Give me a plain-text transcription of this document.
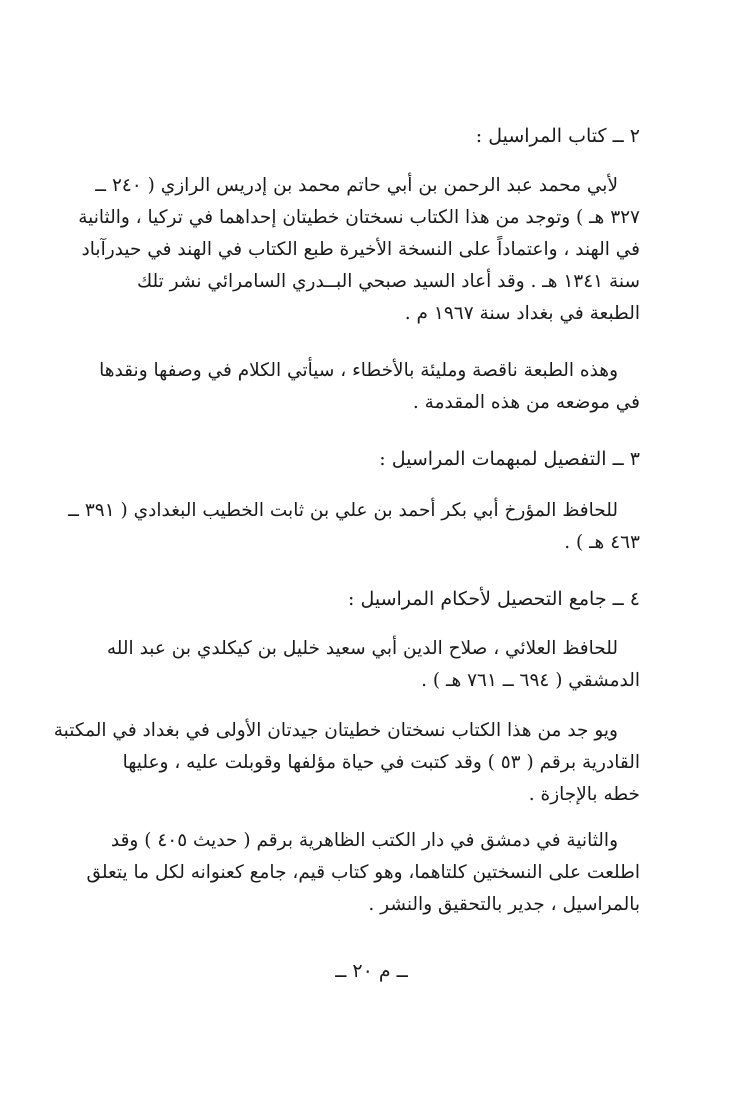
٢ ــ كتاب المراسيل :
لأبي محمد عبد الرحمن بن أبي حاتم محمد بن إدريس الرازي ( ٢٤٠ ــ
٣٢٧ هـ ) وتوجد من هذا الكتاب نسختان خطيتان إحداهما في تركيا ، والثانية
في الهند ، واعتماداً على النسخة الأخيرة طبع الكتاب في الهند في حيدرآباد
سنة ١٣٤١ هـ . وقد أعاد السيد صبحي البــدري السامرائي نشر تلك
الطبعة في بغداد سنة ١٩٦٧ م .
وهذه الطبعة ناقصة ومليئة بالأخطاء ، سيأتي الكلام في وصفها ونقدها
في موضعه من هذه المقدمة .
٣ ــ التفصيل لمبهمات المراسيل :
للحافظ المؤرخ أبي بكر أحمد بن علي بن ثابت الخطيب البغدادي ( ٣٩١ ــ
٤٦٣ هـ ) .
٤ ــ جامع التحصيل لأحكام المراسيل :
للحافظ العلائي ، صلاح الدين أبي سعيد خليل بن كيكلدي بن عبد الله
الدمشقي ( ٦٩٤ ــ ٧٦١ هـ ) .
ويو جد من هذا الكتاب نسختان خطيتان جيدتان الأولى في بغداد في المكتبة
القادرية برقم ( ٥٣ ) وقد كتبت في حياة مؤلفها وقوبلت عليه ، وعليها
خطه بالإجازة .
والثانية في دمشق في دار الكتب الظاهرية برقم ( حديث ٤٠٥ ) وقد
اطلعت على النسختين كلتاهما، وهو كتاب قيم، جامع كعنوانه لكل ما يتعلق
بالمراسيل ، جدير بالتحقيق والنشر .
ــ م ٢٠ ــ
